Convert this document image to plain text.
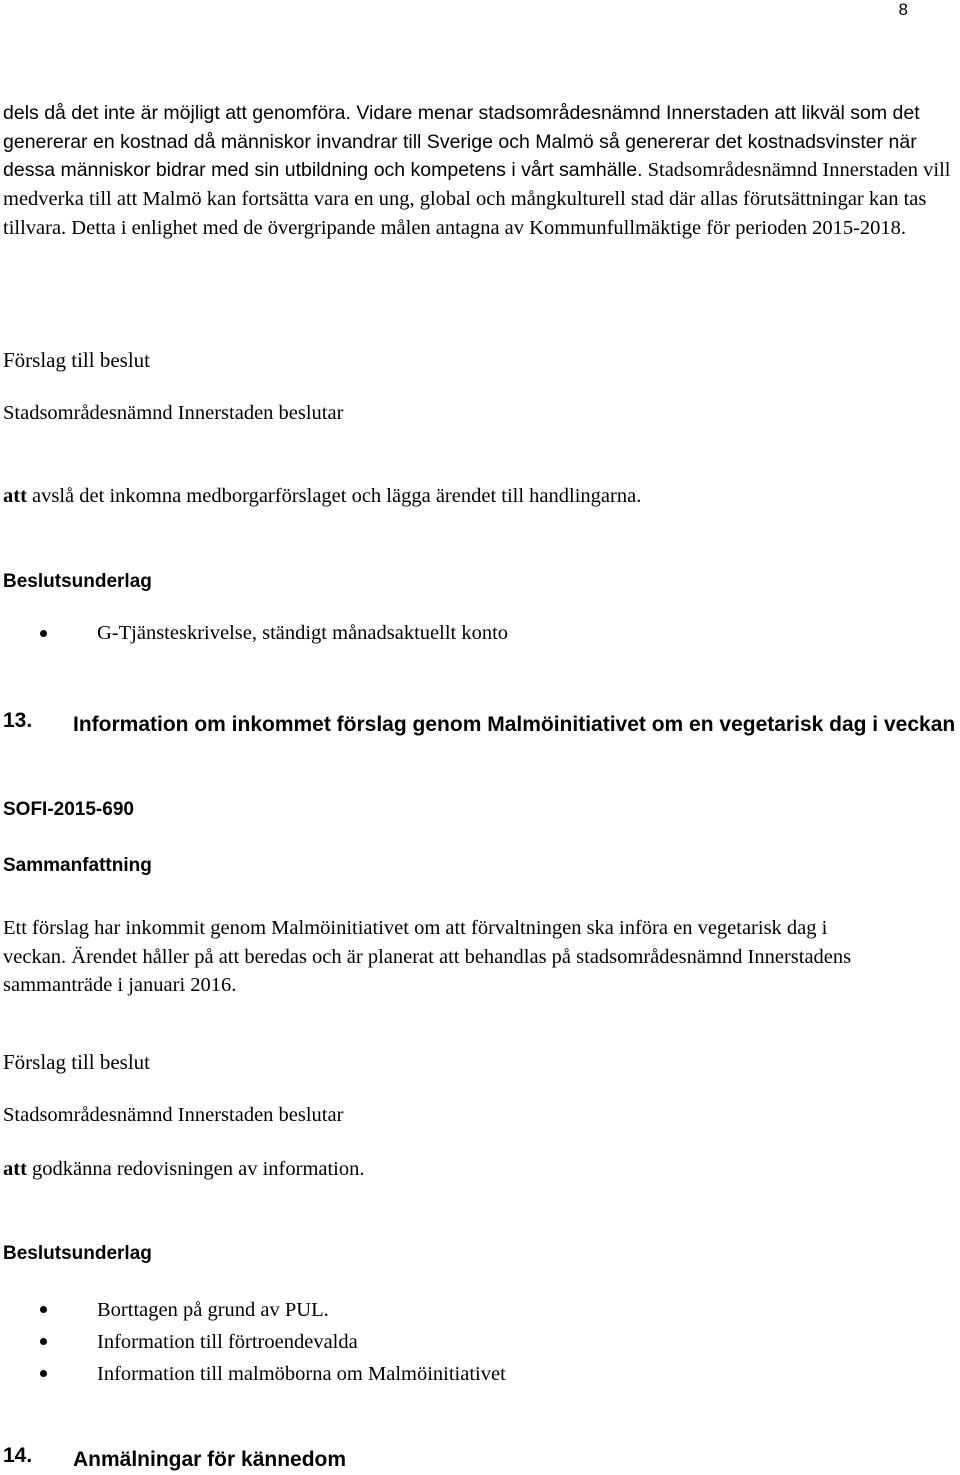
8

dels då det inte är möjligt att genomföra. Vidare menar stadsområdesnämnd Innerstaden att likväl som det genererar en kostnad då människor invandrar till Sverige och Malmö så genererar det kostnadsvinster när dessa människor bidrar med sin utbildning och kompetens i vårt samhälle. Stadsområdesnämnd Innerstaden vill medverka till att Malmö kan fortsätta vara en ung, global och mångkulturell stad där allas förutsättningar kan tas tillvara. Detta i enlighet med de övergripande målen antagna av Kommunfullmäktige för perioden 2015-2018.

Förslag till beslut
Stadsområdesnämnd Innerstaden beslutar
att avslå det inkomna medborgarförslaget och lägga ärendet till handlingarna.
Beslutsunderlag
G-Tjänsteskrivelse, ständigt månadsaktuellt konto
13. Information om inkommet förslag genom Malmöinitiativet om en vegetarisk dag i veckan
SOFI-2015-690
Sammanfattning

Ett förslag har inkommit genom Malmöinitiativet om att förvaltningen ska införa en vegetarisk dag i veckan. Ärendet håller på att beredas och är planerat att behandlas på stadsområdesnämnd Innerstadens sammanträde i januari 2016.

Förslag till beslut
Stadsområdesnämnd Innerstaden beslutar
att godkänna redovisningen av information.
Beslutsunderlag
Borttagen på grund av PUL.
Information till förtroendevalda
Information till malmöborna om Malmöinitiativet
14. Anmälningar för kännedom
